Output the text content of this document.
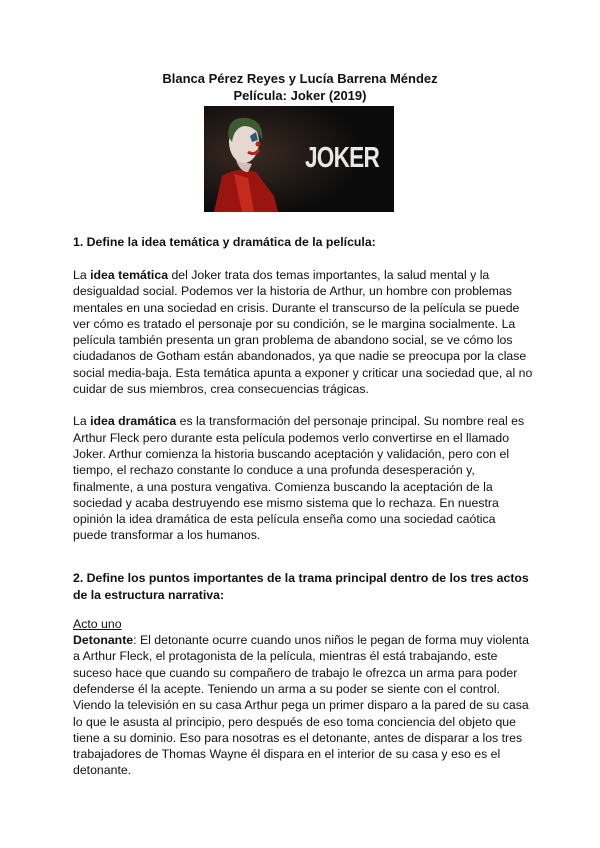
Blanca Pérez Reyes y Lucía Barrena Méndez
Película: Joker (2019)
JOKER
1. Define la idea temática y dramática de la película:

La idea temática del Joker trata dos temas importantes, la salud mental y la desigualdad social. Podemos ver la historia de Arthur, un hombre con problemas mentales en una sociedad en crisis. Durante el transcurso de la película se puede ver cómo es tratado el personaje por su condición, se le margina socialmente. La película también presenta un gran problema de abandono social, se ve cómo los ciudadanos de Gotham están abandonados, ya que nadie se preocupa por la clase social media-baja. Esta temática apunta a exponer y criticar una sociedad que, al no cuidar de sus miembros, crea consecuencias trágicas.

La idea dramática es la transformación del personaje principal. Su nombre real es Arthur Fleck pero durante esta película podemos verlo convertirse en el llamado Joker. Arthur comienza la historia buscando aceptación y validación, pero con el tiempo, el rechazo constante lo conduce a una profunda desesperación y, finalmente, a una postura vengativa. Comienza buscando la aceptación de la sociedad y acaba destruyendo ese mismo sistema que lo rechaza. En nuestra opinión la idea dramática de esta película enseña como una sociedad caótica puede transformar a los humanos.

2. Define los puntos importantes de la trama principal dentro de los tres actos de la estructura narrativa:

Acto uno
Detonante: El detonante ocurre cuando unos niños le pegan de forma muy violenta a Arthur Fleck, el protagonista de la película, mientras él está trabajando, este suceso hace que cuando su compañero de trabajo le ofrezca un arma para poder defenderse él la acepte. Teniendo un arma a su poder se siente con el control. Viendo la televisión en su casa Arthur pega un primer disparo a la pared de su casa lo que le asusta al principio, pero después de eso toma conciencia del objeto que tiene a su dominio. Eso para nosotras es el detonante, antes de disparar a los tres trabajadores de Thomas Wayne él dispara en el interior de su casa y eso es el detonante.
